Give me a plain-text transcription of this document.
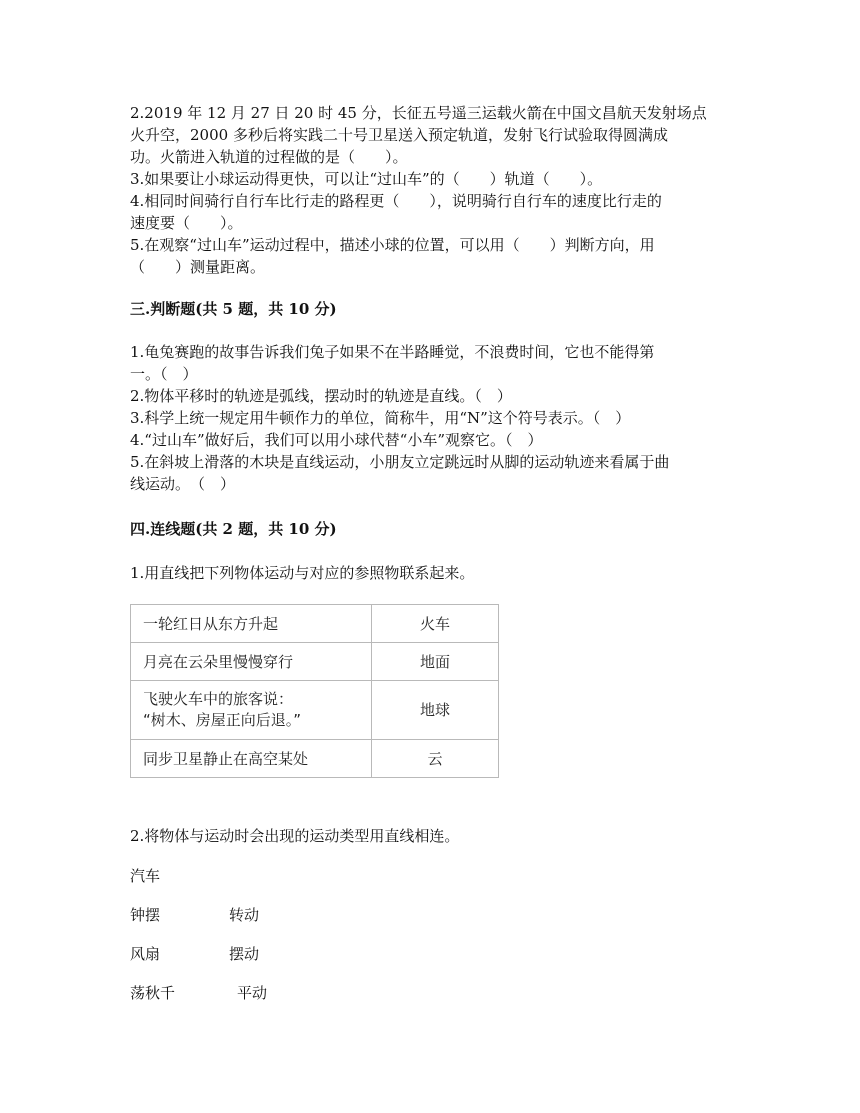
2.2019 年 12 月 27 日 20 时 45 分，长征五号遥三运载火箭在中国文昌航天发射场点
火升空，2000 多秒后将实践二十号卫星送入预定轨道，发射飞行试验取得圆满成
功。火箭进入轨道的过程做的是（　　）。
3.如果要让小球运动得更快，可以让“过山车”的（　　）轨道（　　）。
4.相同时间骑行自行车比行走的路程更（　　），说明骑行自行车的速度比行走的
速度要（　　）。
5.在观察“过山车”运动过程中，描述小球的位置，可以用（　　）判断方向，用
（　　）测量距离。
三.判断题(共 5 题，共 10 分)
1.龟兔赛跑的故事告诉我们兔子如果不在半路睡觉，不浪费时间，它也不能得第
一。（　）
2.物体平移时的轨迹是弧线，摆动时的轨迹是直线。（　）
3.科学上统一规定用牛顿作力的单位，简称牛，用“N”这个符号表示。（　）
4.“过山车”做好后，我们可以用小球代替“小车”观察它。（　）
5.在斜坡上滑落的木块是直线运动，小朋友立定跳远时从脚的运动轨迹来看属于曲
线运动。　（　）
四.连线题(共 2 题，共 10 分)
1.用直线把下列物体运动与对应的参照物联系起来。
一轮红日从东方升起	火车
月亮在云朵里慢慢穿行	地面

飞驶火车中的旅客说：
“树木、房屋正向后退。”	地球
同步卫星静止在高空某处	云
2.将物体与运动时会出现的运动类型用直线相连。
汽车
钟摆
风扇
荡秋千
转动
摆动
平动
